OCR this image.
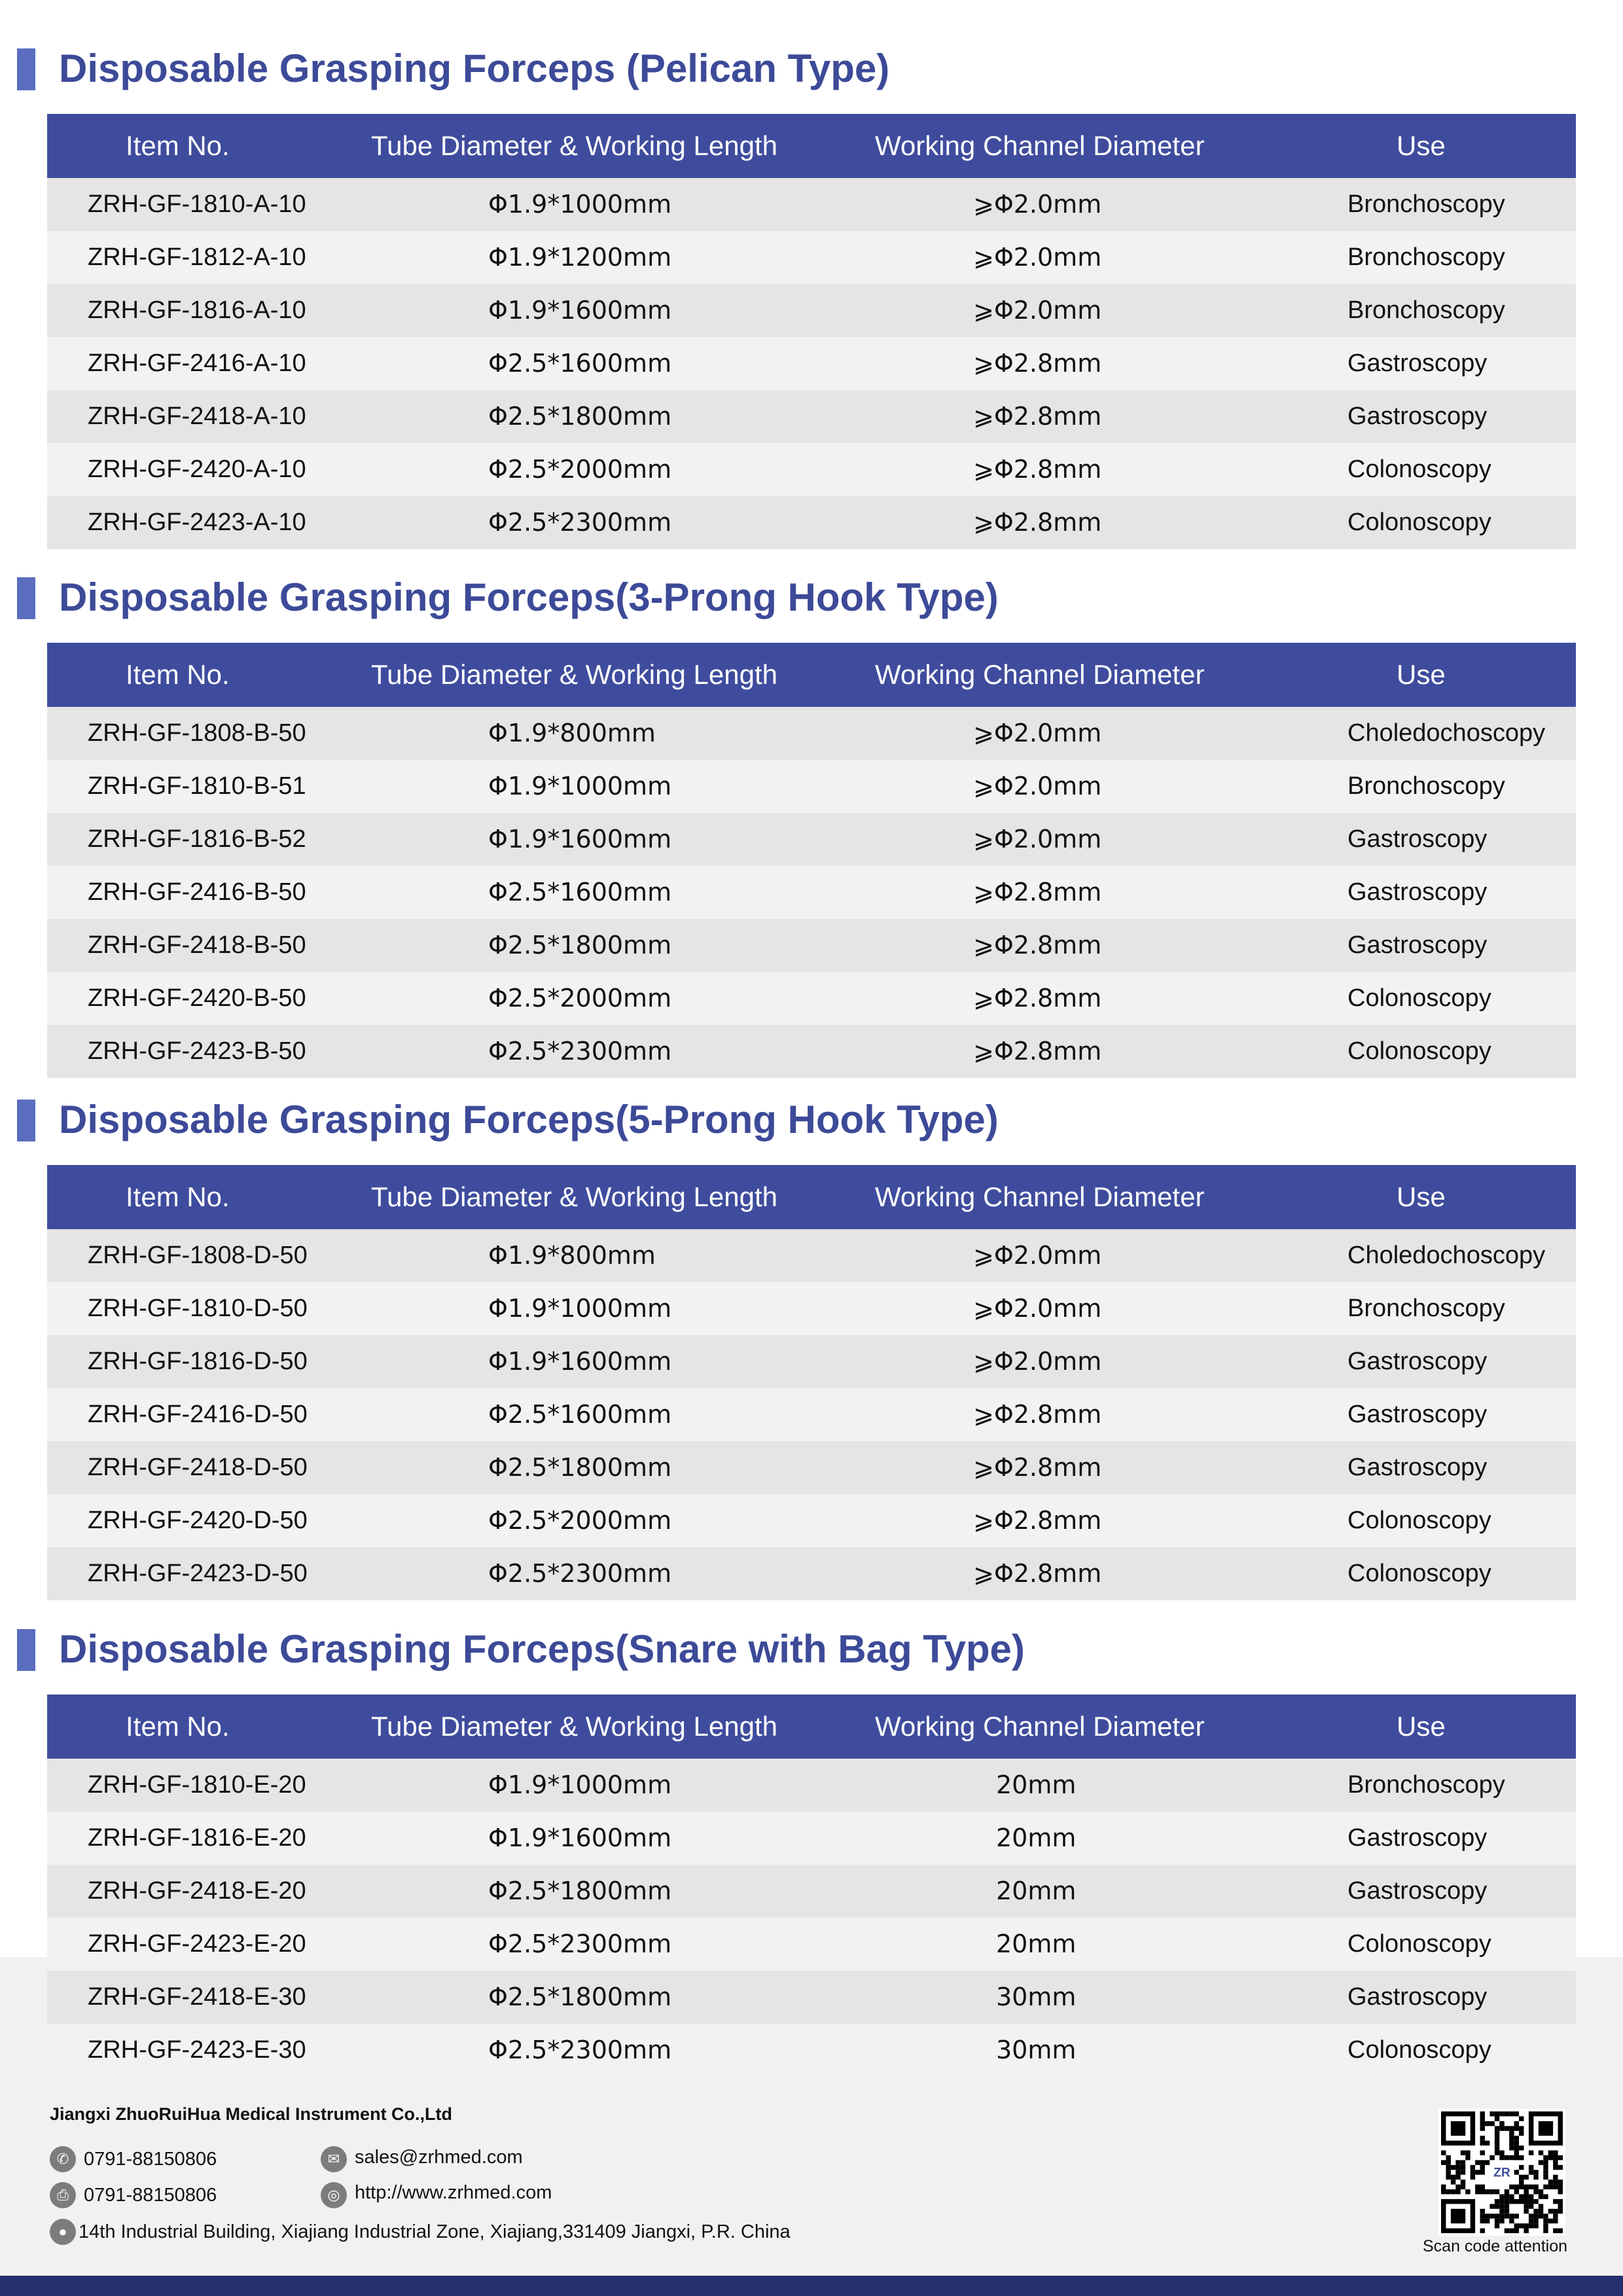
Disposable Grasping Forceps (Pelican Type)
Item No.	Tube Diameter & Working Length	Working Channel Diameter	Use
ZRH-GF-1810-A-10	Φ1.9*1000mm	⩾Φ2.0mm	Bronchoscopy
ZRH-GF-1812-A-10	Φ1.9*1200mm	⩾Φ2.0mm	Bronchoscopy
ZRH-GF-1816-A-10	Φ1.9*1600mm	⩾Φ2.0mm	Bronchoscopy
ZRH-GF-2416-A-10	Φ2.5*1600mm	⩾Φ2.8mm	Gastroscopy
ZRH-GF-2418-A-10	Φ2.5*1800mm	⩾Φ2.8mm	Gastroscopy
ZRH-GF-2420-A-10	Φ2.5*2000mm	⩾Φ2.8mm	Colonoscopy
ZRH-GF-2423-A-10	Φ2.5*2300mm	⩾Φ2.8mm	Colonoscopy
Disposable Grasping Forceps(3-Prong Hook Type)
Item No.	Tube Diameter & Working Length	Working Channel Diameter	Use
ZRH-GF-1808-B-50	Φ1.9*800mm	⩾Φ2.0mm	Choledochoscopy
ZRH-GF-1810-B-51	Φ1.9*1000mm	⩾Φ2.0mm	Bronchoscopy
ZRH-GF-1816-B-52	Φ1.9*1600mm	⩾Φ2.0mm	Gastroscopy
ZRH-GF-2416-B-50	Φ2.5*1600mm	⩾Φ2.8mm	Gastroscopy
ZRH-GF-2418-B-50	Φ2.5*1800mm	⩾Φ2.8mm	Gastroscopy
ZRH-GF-2420-B-50	Φ2.5*2000mm	⩾Φ2.8mm	Colonoscopy
ZRH-GF-2423-B-50	Φ2.5*2300mm	⩾Φ2.8mm	Colonoscopy
Disposable Grasping Forceps(5-Prong Hook Type)
Item No.	Tube Diameter & Working Length	Working Channel Diameter	Use
ZRH-GF-1808-D-50	Φ1.9*800mm	⩾Φ2.0mm	Choledochoscopy
ZRH-GF-1810-D-50	Φ1.9*1000mm	⩾Φ2.0mm	Bronchoscopy
ZRH-GF-1816-D-50	Φ1.9*1600mm	⩾Φ2.0mm	Gastroscopy
ZRH-GF-2416-D-50	Φ2.5*1600mm	⩾Φ2.8mm	Gastroscopy
ZRH-GF-2418-D-50	Φ2.5*1800mm	⩾Φ2.8mm	Gastroscopy
ZRH-GF-2420-D-50	Φ2.5*2000mm	⩾Φ2.8mm	Colonoscopy
ZRH-GF-2423-D-50	Φ2.5*2300mm	⩾Φ2.8mm	Colonoscopy
Disposable Grasping Forceps(Snare with Bag Type)
Item No.	Tube Diameter & Working Length	Working Channel Diameter	Use
ZRH-GF-1810-E-20	Φ1.9*1000mm	20mm	Bronchoscopy
ZRH-GF-1816-E-20	Φ1.9*1600mm	20mm	Gastroscopy
ZRH-GF-2418-E-20	Φ2.5*1800mm	20mm	Gastroscopy
ZRH-GF-2423-E-20	Φ2.5*2300mm	20mm	Colonoscopy
ZRH-GF-2418-E-30	Φ2.5*1800mm	30mm	Gastroscopy
ZRH-GF-2423-E-30	Φ2.5*2300mm	30mm	Colonoscopy
Jiangxi ZhuoRuiHua Medical Instrument Co.,Ltd
✆ 0791-88150806
⎙ 0791-88150806
✉ sales@zrhmed.com
◎ http://www.zrhmed.com
● 14th Industrial Building, Xiajiang Industrial Zone, Xiajiang,331409 Jiangxi, P.R. China
ZR
Scan code attention
